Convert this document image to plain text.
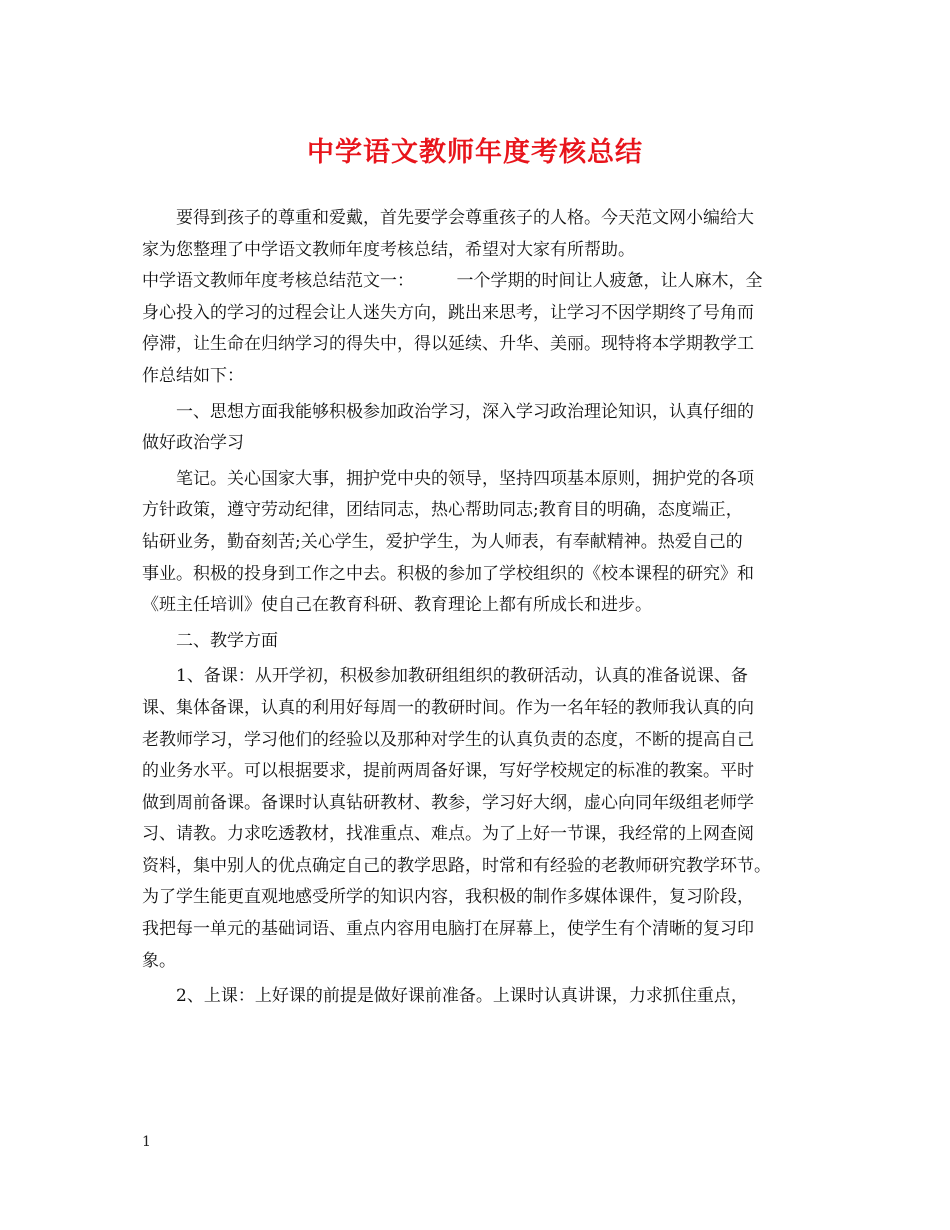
中学语文教师年度考核总结
要得到孩子的尊重和爱戴，首先要学会尊重孩子的人格。今天范文网小编给大
家为您整理了中学语文教师年度考核总结，希望对大家有所帮助。
中学语文教师年度考核总结范文一：　　　一个学期的时间让人疲惫，让人麻木，全
身心投入的学习的过程会让人迷失方向，跳出来思考，让学习不因学期终了号角而
停滞，让生命在归纳学习的得失中，得以延续、升华、美丽。现特将本学期教学工
作总结如下：
一、思想方面我能够积极参加政治学习，深入学习政治理论知识，认真仔细的
做好政治学习
笔记。关心国家大事，拥护党中央的领导，坚持四项基本原则，拥护党的各项
方针政策，遵守劳动纪律，团结同志，热心帮助同志;教育目的明确，态度端正，
钻研业务，勤奋刻苦;关心学生，爱护学生，为人师表，有奉献精神。热爱自己的
事业。积极的投身到工作之中去。积极的参加了学校组织的《校本课程的研究》和
《班主任培训》使自己在教育科研、教育理论上都有所成长和进步。
二、教学方面
1、备课：从开学初，积极参加教研组组织的教研活动，认真的准备说课、备
课、集体备课，认真的利用好每周一的教研时间。作为一名年轻的教师我认真的向
老教师学习，学习他们的经验以及那种对学生的认真负责的态度，不断的提高自己
的业务水平。可以根据要求，提前两周备好课，写好学校规定的标准的教案。平时
做到周前备课。备课时认真钻研教材、教参，学习好大纲，虚心向同年级组老师学
习、请教。力求吃透教材，找准重点、难点。为了上好一节课，我经常的上网查阅
资料，集中别人的优点确定自己的教学思路，时常和有经验的老教师研究教学环节。
为了学生能更直观地感受所学的知识内容，我积极的制作多媒体课件，复习阶段，
我把每一单元的基础词语、重点内容用电脑打在屏幕上，使学生有个清晰的复习印
象。
2、上课：上好课的前提是做好课前准备。上课时认真讲课，力求抓住重点，
1
